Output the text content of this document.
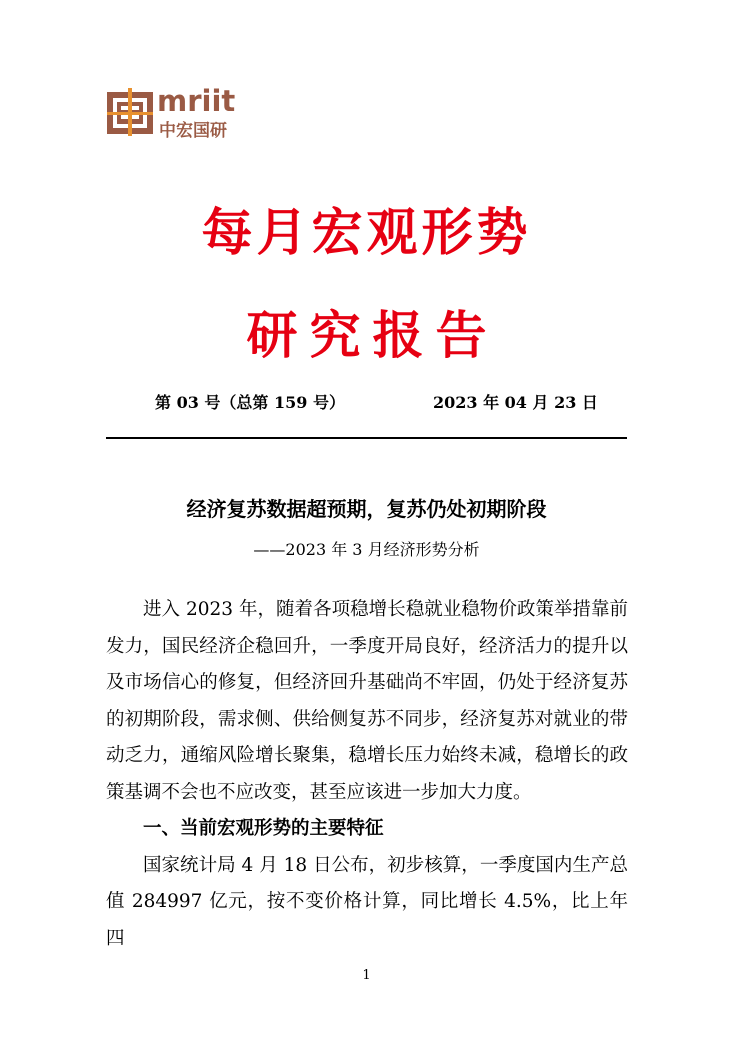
mriit
中宏国研
每月宏观形势
研究报告
第 03 号（总第 159 号）	2023 年 04 月 23 日
经济复苏数据超预期，复苏仍处初期阶段
——2023 年 3 月经济形势分析

进入 2023 年，随着各项稳增长稳就业稳物价政策举措靠前发力，国民经济企稳回升，一季度开局良好，经济活力的提升以及市场信心的修复，但经济回升基础尚不牢固，仍处于经济复苏的初期阶段，需求侧、供给侧复苏不同步，经济复苏对就业的带动乏力，通缩风险增长聚集，稳增长压力始终未减，稳增长的政策基调不会也不应改变，甚至应该进一步加大力度。

一、当前宏观形势的主要特征

国家统计局 4 月 18 日公布，初步核算，一季度国内生产总值 284997 亿元，按不变价格计算，同比增长 4.5%，比上年四

1
